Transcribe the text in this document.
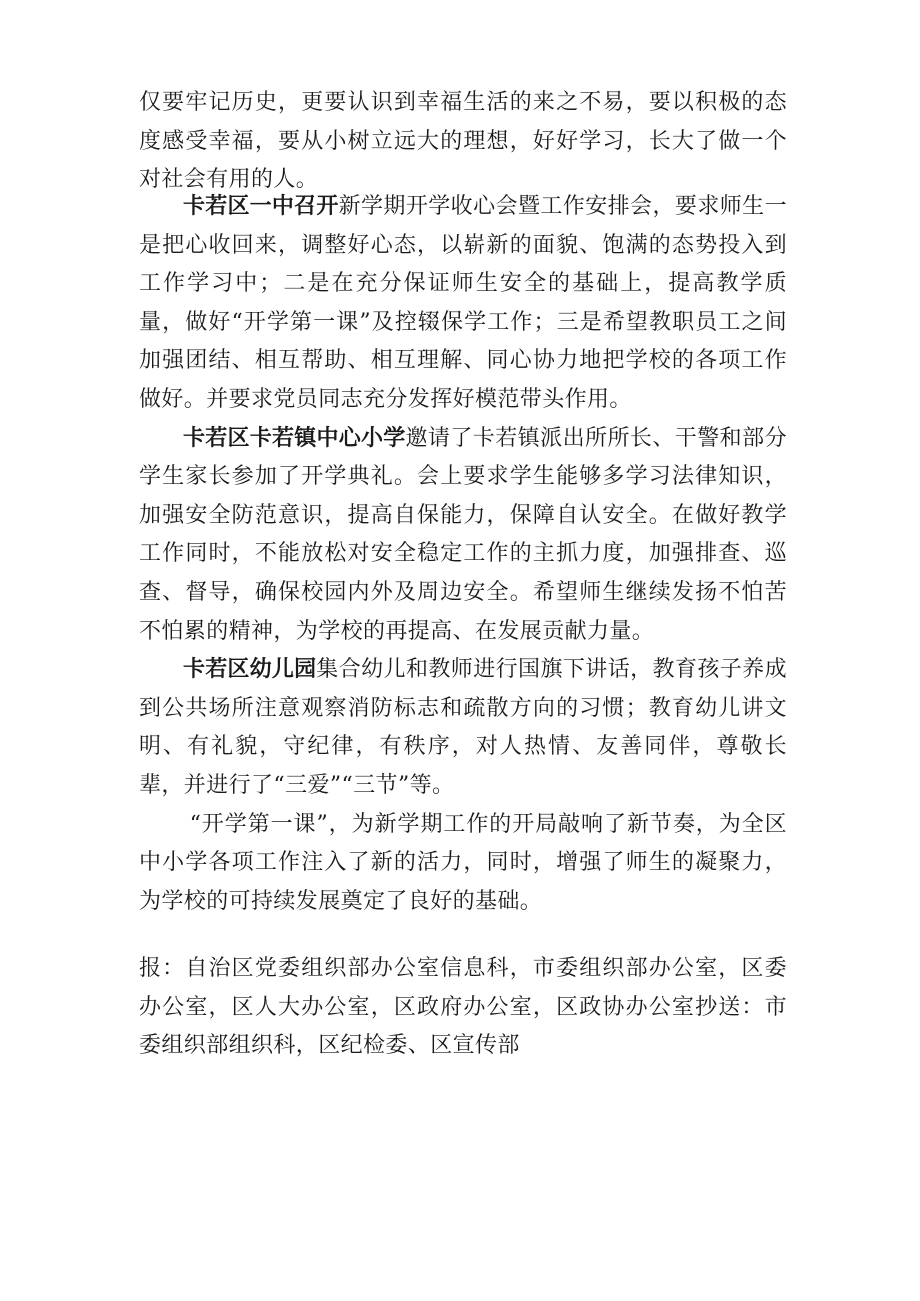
仅要牢记历史，更要认识到幸福生活的来之不易，要以积极的态度感受幸福，要从小树立远大的理想，好好学习，长大了做一个对社会有用的人。

卡若区一中召开新学期开学收心会暨工作安排会，要求师生一是把心收回来，调整好心态，以崭新的面貌、饱满的态势投入到工作学习中；二是在充分保证师生安全的基础上，提高教学质量，做好“开学第一课”及控辍保学工作；三是希望教职员工之间加强团结、相互帮助、相互理解、同心协力地把学校的各项工作做好。并要求党员同志充分发挥好模范带头作用。

卡若区卡若镇中心小学邀请了卡若镇派出所所长、干警和部分学生家长参加了开学典礼。会上要求学生能够多学习法律知识，加强安全防范意识，提高自保能力，保障自认安全。在做好教学工作同时，不能放松对安全稳定工作的主抓力度，加强排查、巡查、督导，确保校园内外及周边安全。希望师生继续发扬不怕苦不怕累的精神，为学校的再提高、在发展贡献力量。

卡若区幼儿园集合幼儿和教师进行国旗下讲话，教育孩子养成到公共场所注意观察消防标志和疏散方向的习惯；教育幼儿讲文明、有礼貌，守纪律，有秩序，对人热情、友善同伴，尊敬长辈，并进行了“三爱”“三节”等。

“开学第一课”，为新学期工作的开局敲响了新节奏，为全区中小学各项工作注入了新的活力，同时，增强了师生的凝聚力，为学校的可持续发展奠定了良好的基础。

报：自治区党委组织部办公室信息科，市委组织部办公室，区委办公室，区人大办公室，区政府办公室，区政协办公室抄送：市委组织部组织科，区纪检委、区宣传部
